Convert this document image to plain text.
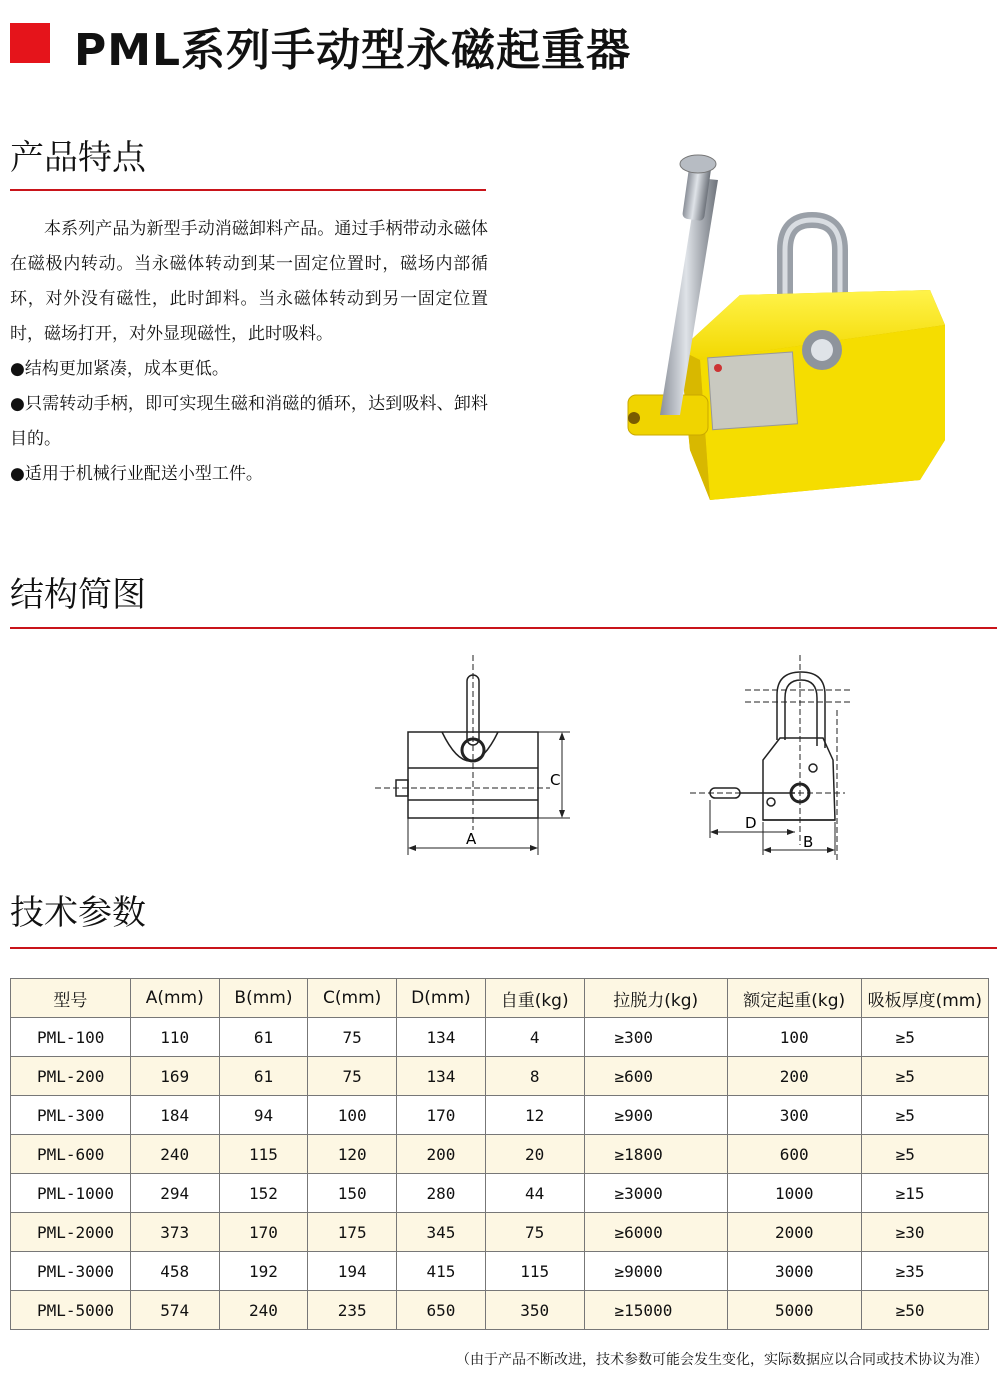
PML系列手动型永磁起重器
产品特点

本系列产品为新型手动消磁卸料产品。通过手柄带动永磁体在磁极内转动。当永磁体转动到某一固定位置时，磁场内部循环，对外没有磁性，此时卸料。当永磁体转动到另一固定位置时，磁场打开，对外显现磁性，此时吸料。

●结构更加紧凑，成本更低。

●只需转动手柄，即可实现生磁和消磁的循环，达到吸料、卸料目的。

●适用于机械行业配送小型工件。

结构简图
C
A
D
B
技术参数
型号	A(mm)	B(mm)	C(mm)	D(mm)	自重(kg)	拉脱力(kg)	额定起重(kg)	吸板厚度(mm)
PML-100	110	61	75	134	4	≥300	100	≥5
PML-200	169	61	75	134	8	≥600	200	≥5
PML-300	184	94	100	170	12	≥900	300	≥5
PML-600	240	115	120	200	20	≥1800	600	≥5
PML-1000	294	152	150	280	44	≥3000	1000	≥15
PML-2000	373	170	175	345	75	≥6000	2000	≥30
PML-3000	458	192	194	415	115	≥9000	3000	≥35
PML-5000	574	240	235	650	350	≥15000	5000	≥50
（由于产品不断改进，技术参数可能会发生变化，实际数据应以合同或技术协议为准）
